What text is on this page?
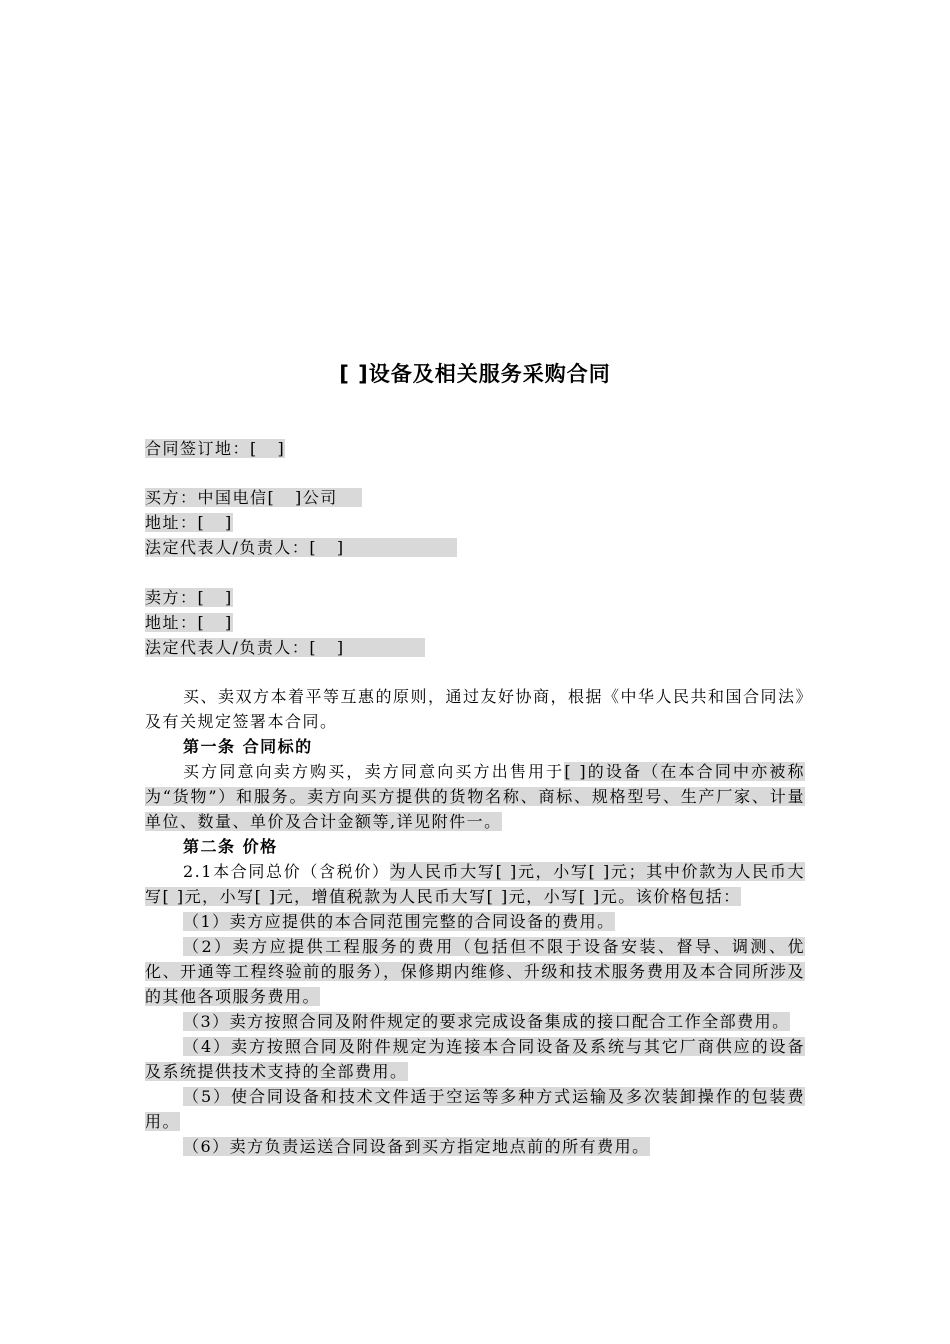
[ ]设备及相关服务采购合同
合同签订地：[   ]
买方：中国电信[   ]公司
地址：[   ]
法定代表人/负责人：[   ]
卖方：[   ]
地址：[   ]
法定代表人/负责人：[   ]

买、卖双方本着平等互惠的原则，通过友好协商，根据《中华人民共和国合同法》及有关规定签署本合同。

第一条 合同标的

买方同意向卖方购买，卖方同意向买方出售用于[ ]的设备（在本合同中亦被称为“货物”）和服务。卖方向买方提供的货物名称、商标、规格型号、生产厂家、计量单位、数量、单价及合计金额等,详见附件一。

第二条 价格

2.1本合同总价（含税价）为人民币大写[ ]元，小写[ ]元；其中价款为人民币大写[ ]元，小写[ ]元，增值税款为人民币大写[ ]元，小写[ ]元。该价格包括：

（1）卖方应提供的本合同范围完整的合同设备的费用。

（2）卖方应提供工程服务的费用（包括但不限于设备安装、督导、调测、优化、开通等工程终验前的服务），保修期内维修、升级和技术服务费用及本合同所涉及的其他各项服务费用。

（3）卖方按照合同及附件规定的要求完成设备集成的接口配合工作全部费用。

（4）卖方按照合同及附件规定为连接本合同设备及系统与其它厂商供应的设备及系统提供技术支持的全部费用。

（5）使合同设备和技术文件适于空运等多种方式运输及多次装卸操作的包装费用。

（6）卖方负责运送合同设备到买方指定地点前的所有费用。
